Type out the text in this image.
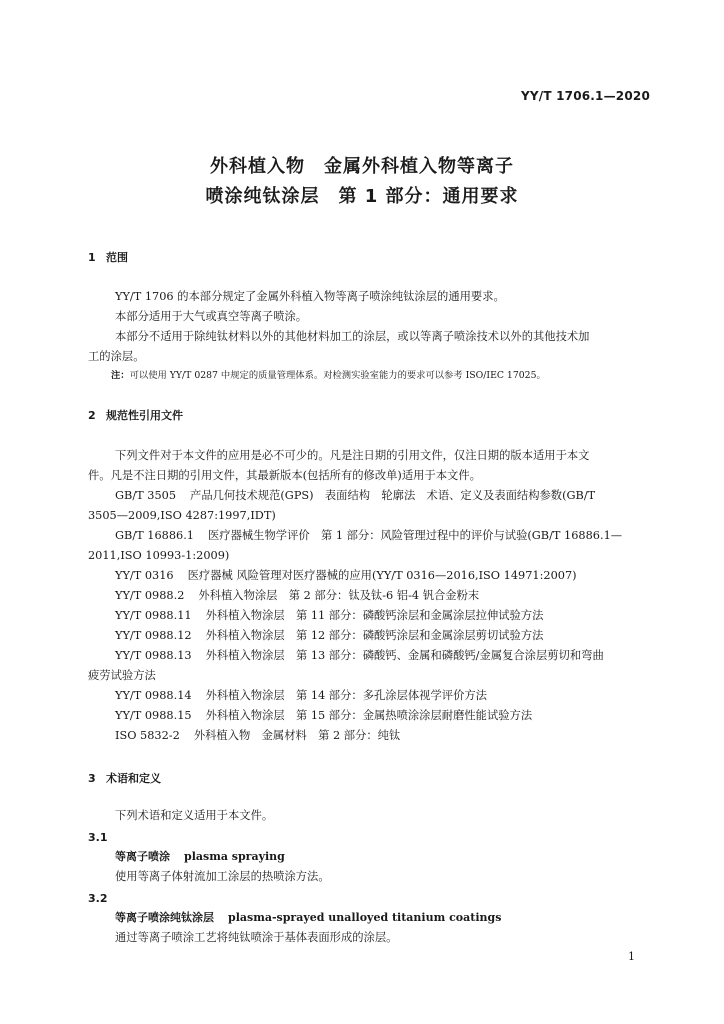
YY/T 1706.1—2020
外科植入物　金属外科植入物等离子
喷涂纯钛涂层　第 1 部分：通用要求
1 范围
YY/T 1706 的本部分规定了金属外科植入物等离子喷涂纯钛涂层的通用要求。
本部分适用于大气或真空等离子喷涂。
本部分不适用于除纯钛材料以外的其他材料加工的涂层，或以等离子喷涂技术以外的其他技术加
工的涂层。
注：可以使用 YY/T 0287 中规定的质量管理体系。对检测实验室能力的要求可以参考 ISO/IEC 17025。
2 规范性引用文件
下列文件对于本文件的应用是必不可少的。凡是注日期的引用文件，仅注日期的版本适用于本文
件。凡是不注日期的引用文件，其最新版本(包括所有的修改单)适用于本文件。
GB/T 3505 产品几何技术规范(GPS)　表面结构　轮廓法　术语、定义及表面结构参数(GB/T
3505—2009,ISO 4287:1997,IDT)
GB/T 16886.1 医疗器械生物学评价　第 1 部分：风险管理过程中的评价与试验(GB/T 16886.1—
2011,ISO 10993-1:2009)
YY/T 0316 医疗器械 风险管理对医疗器械的应用(YY/T 0316—2016,ISO 14971:2007)
YY/T 0988.2 外科植入物涂层　第 2 部分：钛及钛-6 铝-4 钒合金粉末
YY/T 0988.11 外科植入物涂层　第 11 部分：磷酸钙涂层和金属涂层拉伸试验方法
YY/T 0988.12 外科植入物涂层　第 12 部分：磷酸钙涂层和金属涂层剪切试验方法
YY/T 0988.13 外科植入物涂层　第 13 部分：磷酸钙、金属和磷酸钙/金属复合涂层剪切和弯曲
疲劳试验方法
YY/T 0988.14 外科植入物涂层　第 14 部分：多孔涂层体视学评价方法
YY/T 0988.15 外科植入物涂层　第 15 部分：金属热喷涂涂层耐磨性能试验方法
ISO 5832-2 外科植入物　金属材料　第 2 部分：纯钛
3 术语和定义
下列术语和定义适用于本文件。
3.1
等离子喷涂 plasma spraying
使用等离子体射流加工涂层的热喷涂方法。
3.2
等离子喷涂纯钛涂层 plasma-sprayed unalloyed titanium coatings
通过等离子喷涂工艺将纯钛喷涂于基体表面形成的涂层。
1
